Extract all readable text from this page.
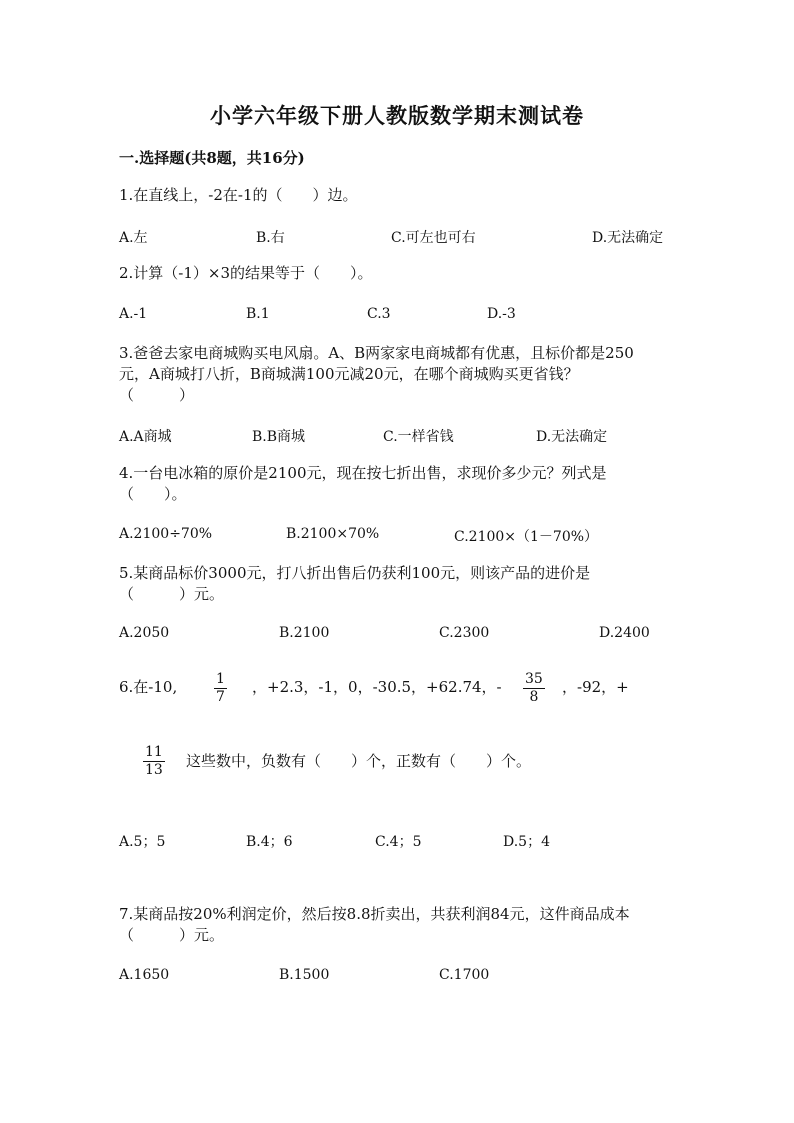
小学六年级下册人教版数学期末测试卷
一.选择题(共8题，共16分)
1.在直线上，-2在-1的（　　）边。
A.左	B.右	C.可左也可右	D.无法确定
2.计算（-1）×3的结果等于（　　）。
A.-1	B.1	C.3	D.-3
3.爸爸去家电商城购买电风扇。A、B两家家电商城都有优惠，且标价都是250
元，A商城打八折，B商城满100元减20元，在哪个商城购买更省钱？
（　　　）
A.A商城	B.B商城	C.一样省钱	D.无法确定
4.一台电冰箱的原价是2100元，现在按七折出售，求现价多少元？列式是
（　　）。
A.2100÷70%	B.2100×70%	C.2100×（1－70%）
5.某商品标价3000元，打八折出售后仍获利100元，则该产品的进价是
（　　　）元。
A.2050	B.2100	C.2300	D.2400
6.在-10,	1
7
，+2.3，-1，0，-30.5，+62.74，- 35
8
，-92，+
11
13 这些数中，负数有（　　）个，正数有（　　）个。
A.5；5	B.4；6	C.4；5	D.5；4
7.某商品按20%利润定价，然后按8.8折卖出，共获利润84元，这件商品成本
（　　　）元。
A.1650	B.1500	C.1700
